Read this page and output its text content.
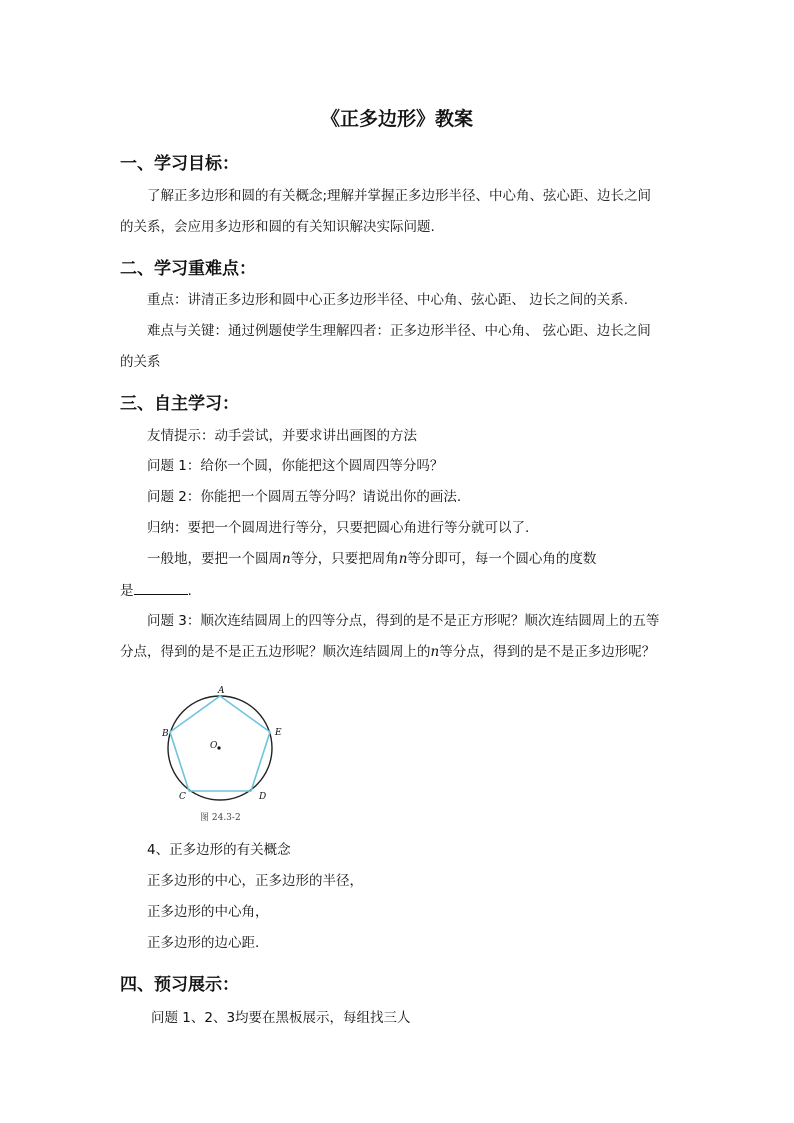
《正多边形》教案
一、学习目标：
了解正多边形和圆的有关概念;理解并掌握正多边形半径、中心角、弦心距、边长之间
的关系，会应用多边形和圆的有关知识解决实际问题.
二、学习重难点：
重点：讲清正多边形和圆中心正多边形半径、中心角、弦心距、 边长之间的关系.
难点与关键：通过例题使学生理解四者：正多边形半径、中心角、 弦心距、边长之间
的关系
三、自主学习：
友情提示：动手尝试，并要求讲出画图的方法
问题 1：给你一个圆，你能把这个圆周四等分吗？
问题 2：你能把一个圆周五等分吗？请说出你的画法.
归纳：要把一个圆周进行等分，只要把圆心角进行等分就可以了.
一般地，要把一个圆周n等分，只要把周角n等分即可，每一个圆心角的度数
是	.
问题 3：顺次连结圆周上的四等分点，得到的是不是正方形呢？顺次连结圆周上的五等
分点，得到的是不是正五边形呢？顺次连结圆周上的n等分点，得到的是不是正多边形呢？
A
B
C	D
E
O
图 24.3-2
4、正多边形的有关概念
正多边形的中心，正多边形的半径，
正多边形的中心角，
正多边形的边心距.
四、预习展示：
问题 1、2、3均要在黑板展示，每组找三人
